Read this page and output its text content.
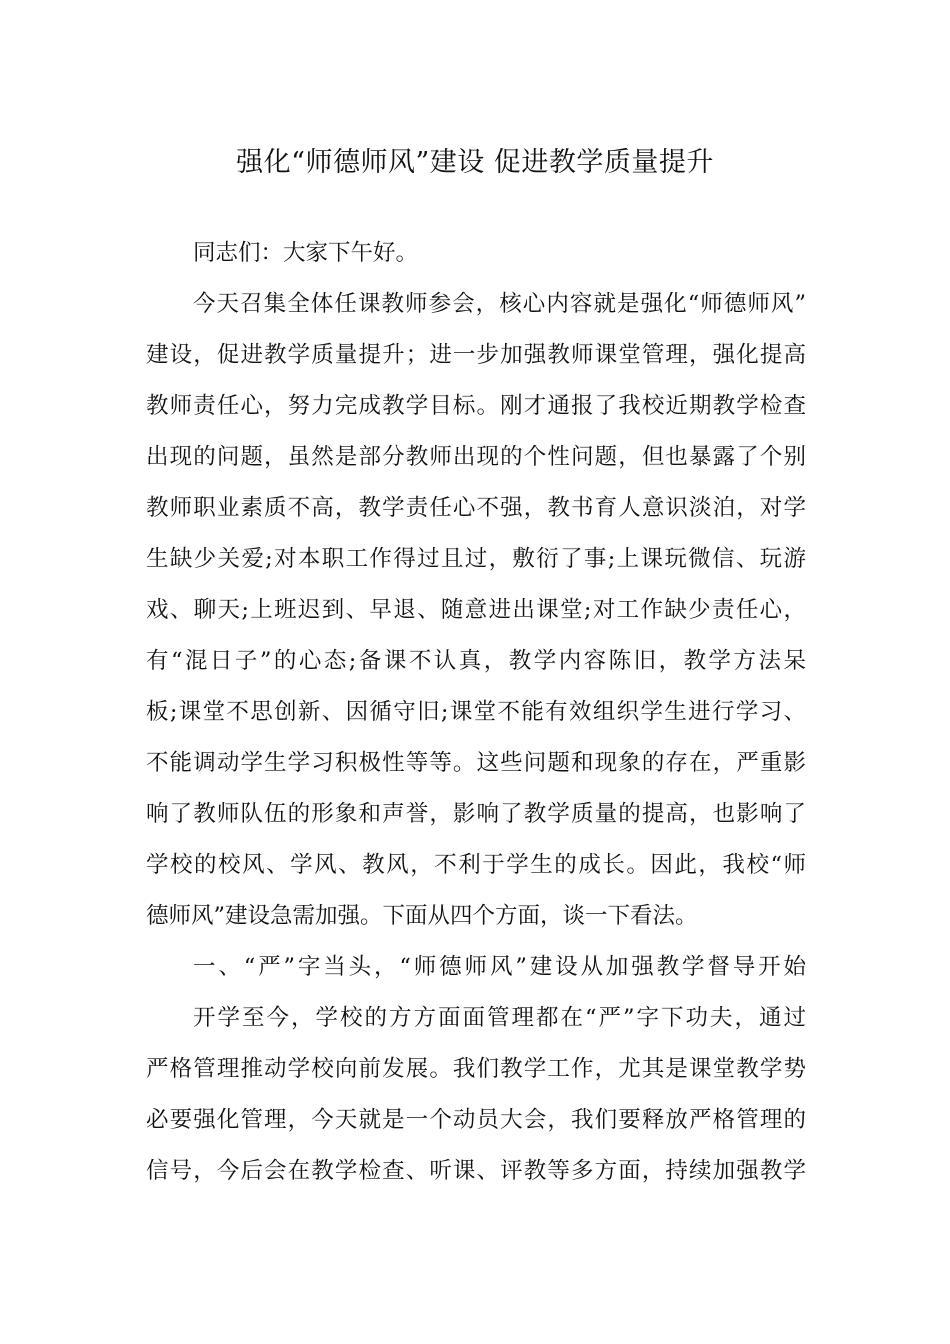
强化“师德师风”建设 促进教学质量提升
同志们：大家下午好。
今天召集全体任课教师参会，核心内容就是强化“师德师风”
建设，促进教学质量提升；进一步加强教师课堂管理，强化提高
教师责任心，努力完成教学目标。刚才通报了我校近期教学检查
出现的问题，虽然是部分教师出现的个性问题，但也暴露了个别
教师职业素质不高，教学责任心不强，教书育人意识淡泊，对学
生缺少关爱;对本职工作得过且过，敷衍了事;上课玩微信、玩游
戏、聊天;上班迟到、早退、随意进出课堂;对工作缺少责任心，
有“混日子”的心态;备课不认真，教学内容陈旧，教学方法呆
板;课堂不思创新、因循守旧;课堂不能有效组织学生进行学习、
不能调动学生学习积极性等等。这些问题和现象的存在，严重影
响了教师队伍的形象和声誉，影响了教学质量的提高，也影响了
学校的校风、学风、教风，不利于学生的成长。因此，我校“师
德师风”建设急需加强。下面从四个方面，谈一下看法。
一、“严”字当头，“师德师风”建设从加强教学督导开始
开学至今，学校的方方面面管理都在“严”字下功夫，通过
严格管理推动学校向前发展。我们教学工作，尤其是课堂教学势
必要强化管理，今天就是一个动员大会，我们要释放严格管理的
信号，今后会在教学检查、听课、评教等多方面，持续加强教学
